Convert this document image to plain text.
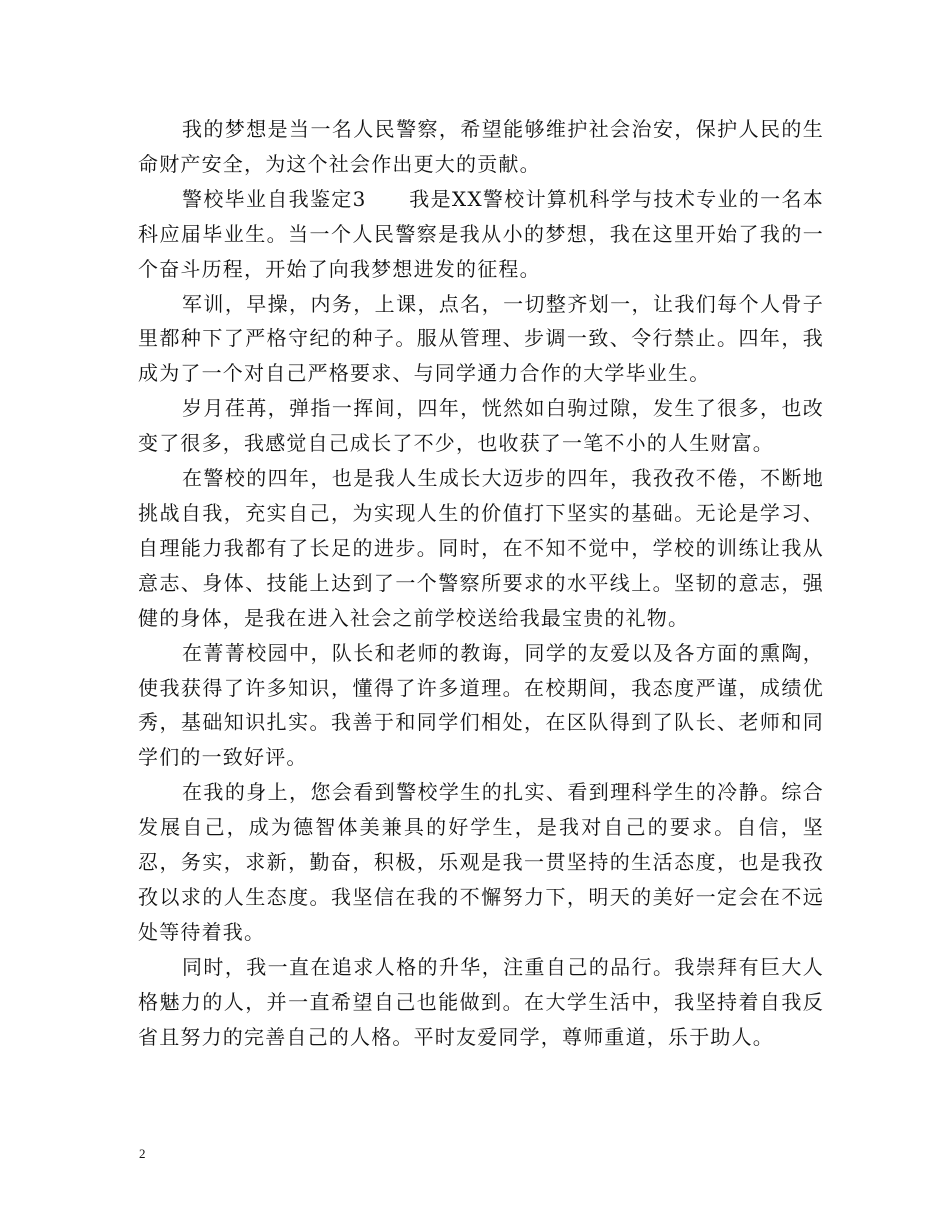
我的梦想是当一名人民警察，希望能够维护社会治安，保护人民的生命财产安全，为这个社会作出更大的贡献。

警校毕业自我鉴定3　　我是XX警校计算机科学与技术专业的一名本科应届毕业生。当一个人民警察是我从小的梦想，我在这里开始了我的一个奋斗历程，开始了向我梦想进发的征程。

军训，早操，内务，上课，点名，一切整齐划一，让我们每个人骨子里都种下了严格守纪的种子。服从管理、步调一致、令行禁止。四年，我成为了一个对自己严格要求、与同学通力合作的大学毕业生。

岁月荏苒，弹指一挥间，四年，恍然如白驹过隙，发生了很多，也改变了很多，我感觉自己成长了不少，也收获了一笔不小的人生财富。

在警校的四年，也是我人生成长大迈步的四年，我孜孜不倦，不断地挑战自我，充实自己，为实现人生的价值打下坚实的基础。无论是学习、自理能力我都有了长足的进步。同时，在不知不觉中，学校的训练让我从意志、身体、技能上达到了一个警察所要求的水平线上。坚韧的意志，强健的身体，是我在进入社会之前学校送给我最宝贵的礼物。

在菁菁校园中，队长和老师的教诲，同学的友爱以及各方面的熏陶，使我获得了许多知识，懂得了许多道理。在校期间，我态度严谨，成绩优秀，基础知识扎实。我善于和同学们相处，在区队得到了队长、老师和同学们的一致好评。

在我的身上，您会看到警校学生的扎实、看到理科学生的冷静。综合发展自己，成为德智体美兼具的好学生，是我对自己的要求。自信，坚忍，务实，求新，勤奋，积极，乐观是我一贯坚持的生活态度，也是我孜孜以求的人生态度。我坚信在我的不懈努力下，明天的美好一定会在不远处等待着我。

同时，我一直在追求人格的升华，注重自己的品行。我崇拜有巨大人格魅力的人，并一直希望自己也能做到。在大学生活中，我坚持着自我反省且努力的完善自己的人格。平时友爱同学，尊师重道，乐于助人。

2
